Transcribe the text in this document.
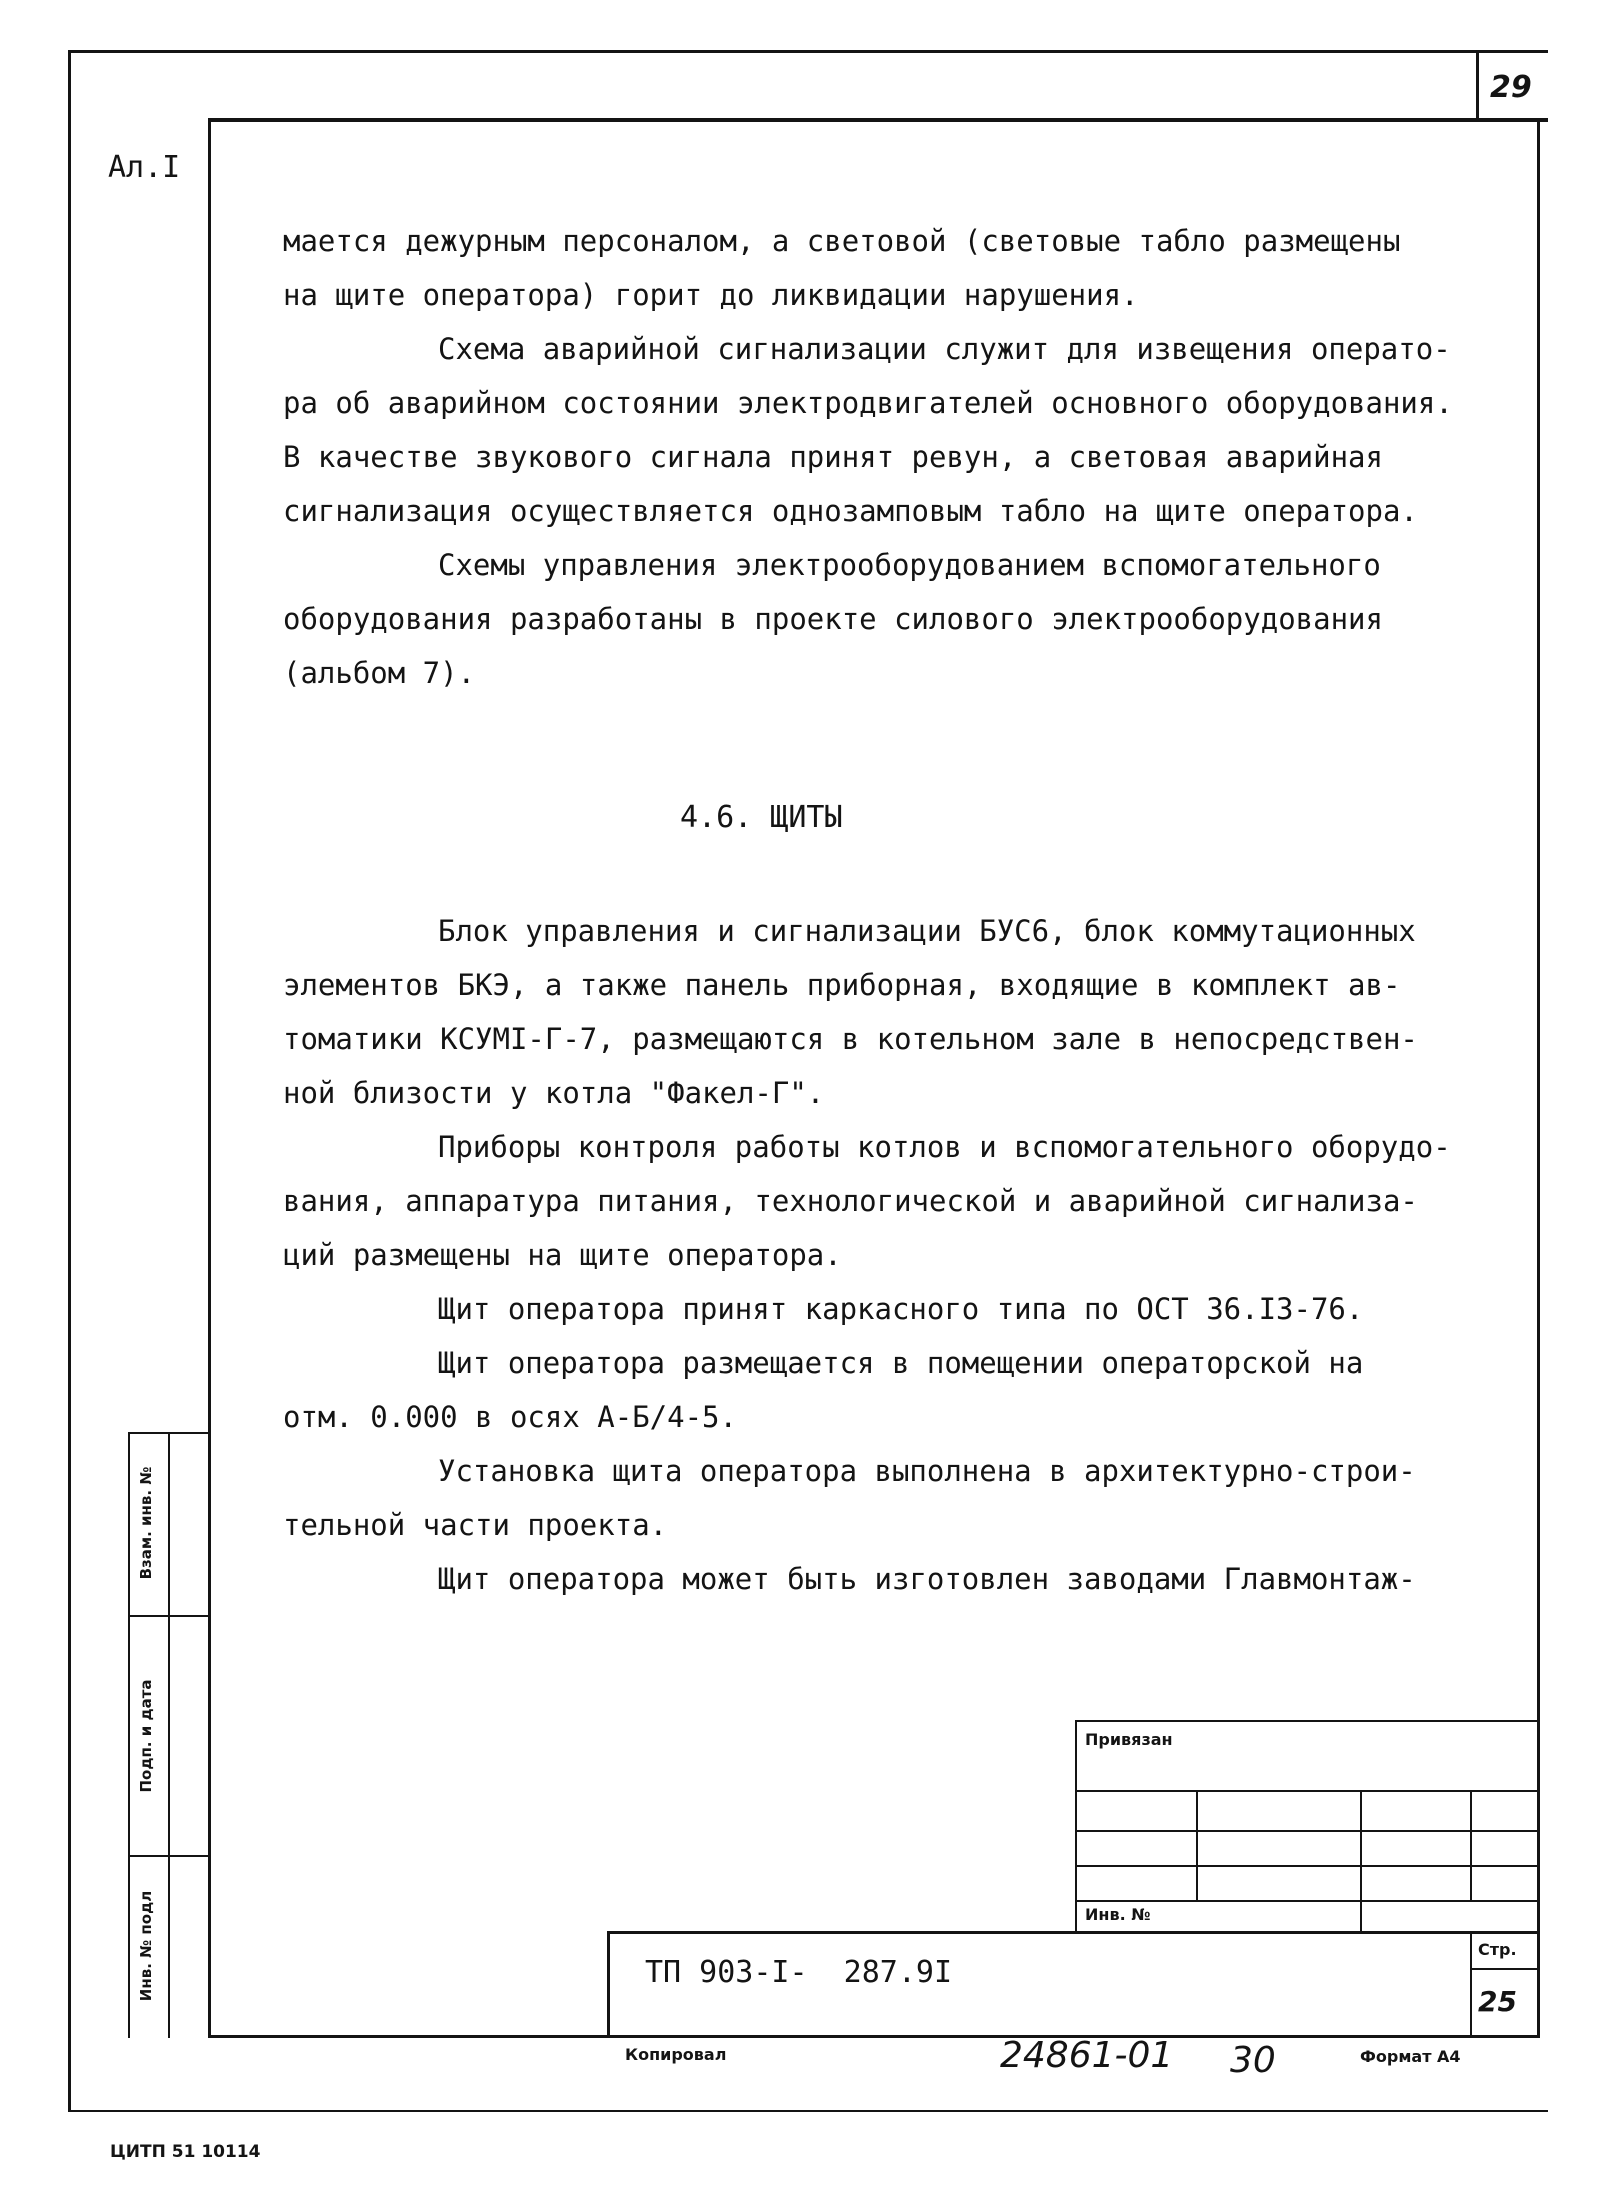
29
Ал.I
мается дежурным персоналом, а световой (световые табло размещены
на щите оператора) горит до ликвидации нарушения.
Схема аварийной сигнализации служит для извещения операто-
ра об аварийном состоянии электродвигателей основного оборудования.
В качестве звукового сигнала принят ревун, а световая аварийная
сигнализация осуществляется однозамповым табло на щите оператора.
Схемы управления электрооборудованием вспомогательного
оборудования разработаны в проекте силового электрооборудования
(альбом 7).
4.6. ЩИТЫ
Блок управления и сигнализации БУС6, блок коммутационных
элементов БКЭ, а также панель приборная, входящие в комплект ав-
томатики КСУМI-Г-7, размещаются в котельном зале в непосредствен-
ной близости у котла "Факел-Г".
Приборы контроля работы котлов и вспомогательного оборудо-
вания, аппаратура питания, технологической и аварийной сигнализа-
ций размещены на щите оператора.
Щит оператора принят каркасного типа по ОСТ 36.I3-76.
Щит оператора размещается в помещении операторской на
отм. 0.000 в осях А-Б/4-5.
Установка щита оператора выполнена в архитектурно-строи-
тельной части проекта.
Щит оператора может быть изготовлен заводами Главмонтаж-
Взам. инв. №
Подп. и дата
Инв. № подл
Привязан
Инв. №
ТП 903-I-  287.9I
Стр.
25
Копировал	24861-01 30	Формат А4
ЦИТП 51 10114
